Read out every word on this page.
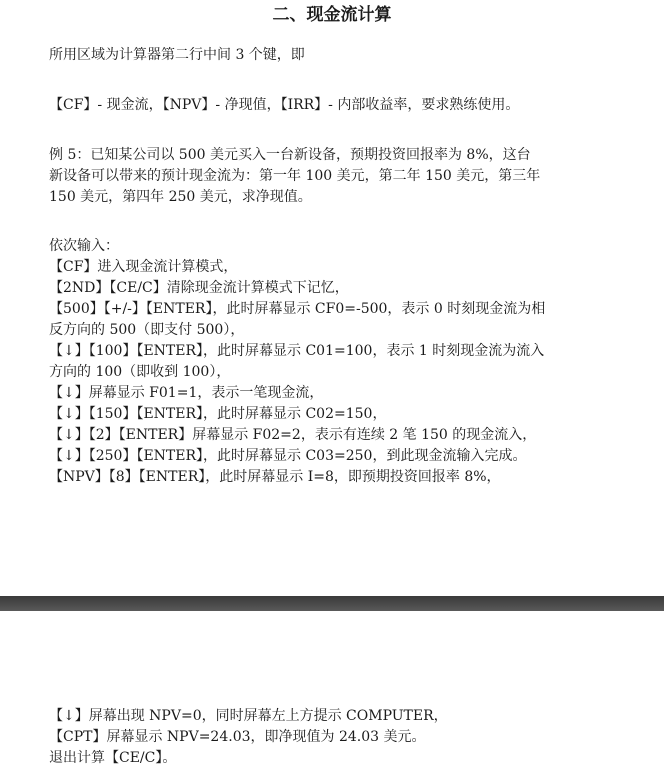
二、现金流计算
所用区域为计算器第二行中间 3 个键，即
【CF】- 现金流，【NPV】- 净现值，【IRR】- 内部收益率，要求熟练使用。
例 5：已知某公司以 500 美元买入一台新设备，预期投资回报率为 8%，这台
新设备可以带来的预计现金流为：第一年 100 美元，第二年 150 美元，第三年
150 美元，第四年 250 美元，求净现值。
依次输入：
【CF】进入现金流计算模式，
【2ND】【CE/C】清除现金流计算模式下记忆，
【500】【+/-】【ENTER】，此时屏幕显示 CF0=-500，表示 0 时刻现金流为相
反方向的 500（即支付 500），
【↓】【100】【ENTER】，此时屏幕显示 C01=100，表示 1 时刻现金流为流入
方向的 100（即收到 100），
【↓】屏幕显示 F01=1，表示一笔现金流，
【↓】【150】【ENTER】，此时屏幕显示 C02=150，
【↓】【2】【ENTER】屏幕显示 F02=2，表示有连续 2 笔 150 的现金流入，
【↓】【250】【ENTER】，此时屏幕显示 C03=250，到此现金流输入完成。
【NPV】【8】【ENTER】，此时屏幕显示 I=8，即预期投资回报率 8%，
【↓】屏幕出现 NPV=0，同时屏幕左上方提示 COMPUTER，
【CPT】屏幕显示 NPV=24.03，即净现值为 24.03 美元。
退出计算【CE/C】。
